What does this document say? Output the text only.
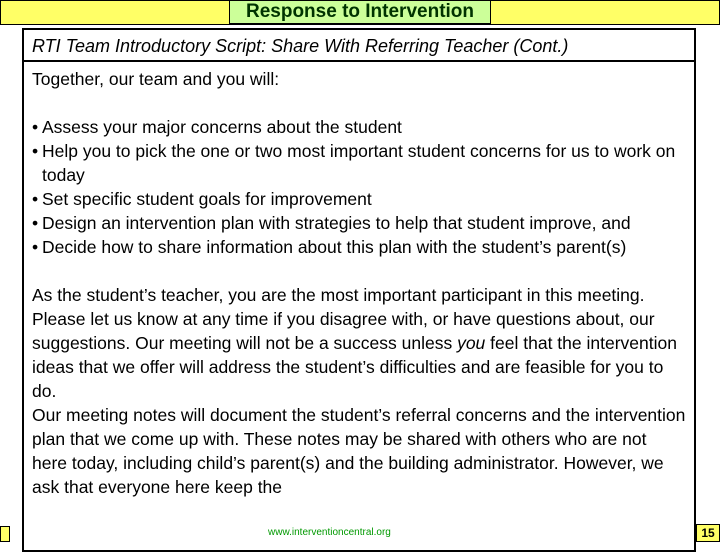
Response to Intervention
RTI Team Introductory Script: Share With Referring Teacher (Cont.)

Together, our team and you will:

• Assess your major concerns about the student
• Help you to pick the one or two most important student concerns for us to work on today
• Set specific student goals for improvement
• Design an intervention plan with strategies to help that student improve, and
• Decide how to share information about this plan with the student’s parent(s)

As the student’s teacher, you are the most important participant in this meeting. Please let us know at any time if you disagree with, or have questions about, our suggestions. Our meeting will not be a success unless you feel that the intervention ideas that we offer will address the student’s difficulties and are feasible for you to do.

Our meeting notes will document the student’s referral concerns and the intervention plan that we come up with. These notes may be shared with others who are not here today, including child’s parent(s) and the building administrator. However, we ask that everyone here keep the

www.interventioncentral.org	15
